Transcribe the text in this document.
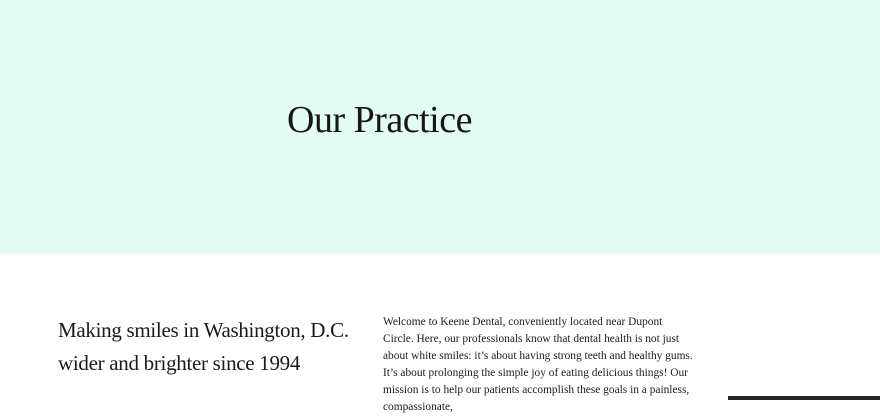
Our Practice
Making smiles in Washington, D.C. wider and brighter since 1994

Welcome to Keene Dental, conveniently located near Dupont Circle. Here, our professionals know that dental health is not just about white smiles: it’s about having strong teeth and healthy gums. It’s about prolonging the simple joy of eating delicious things! Our mission is to help our patients accomplish these goals in a painless, compassionate,
